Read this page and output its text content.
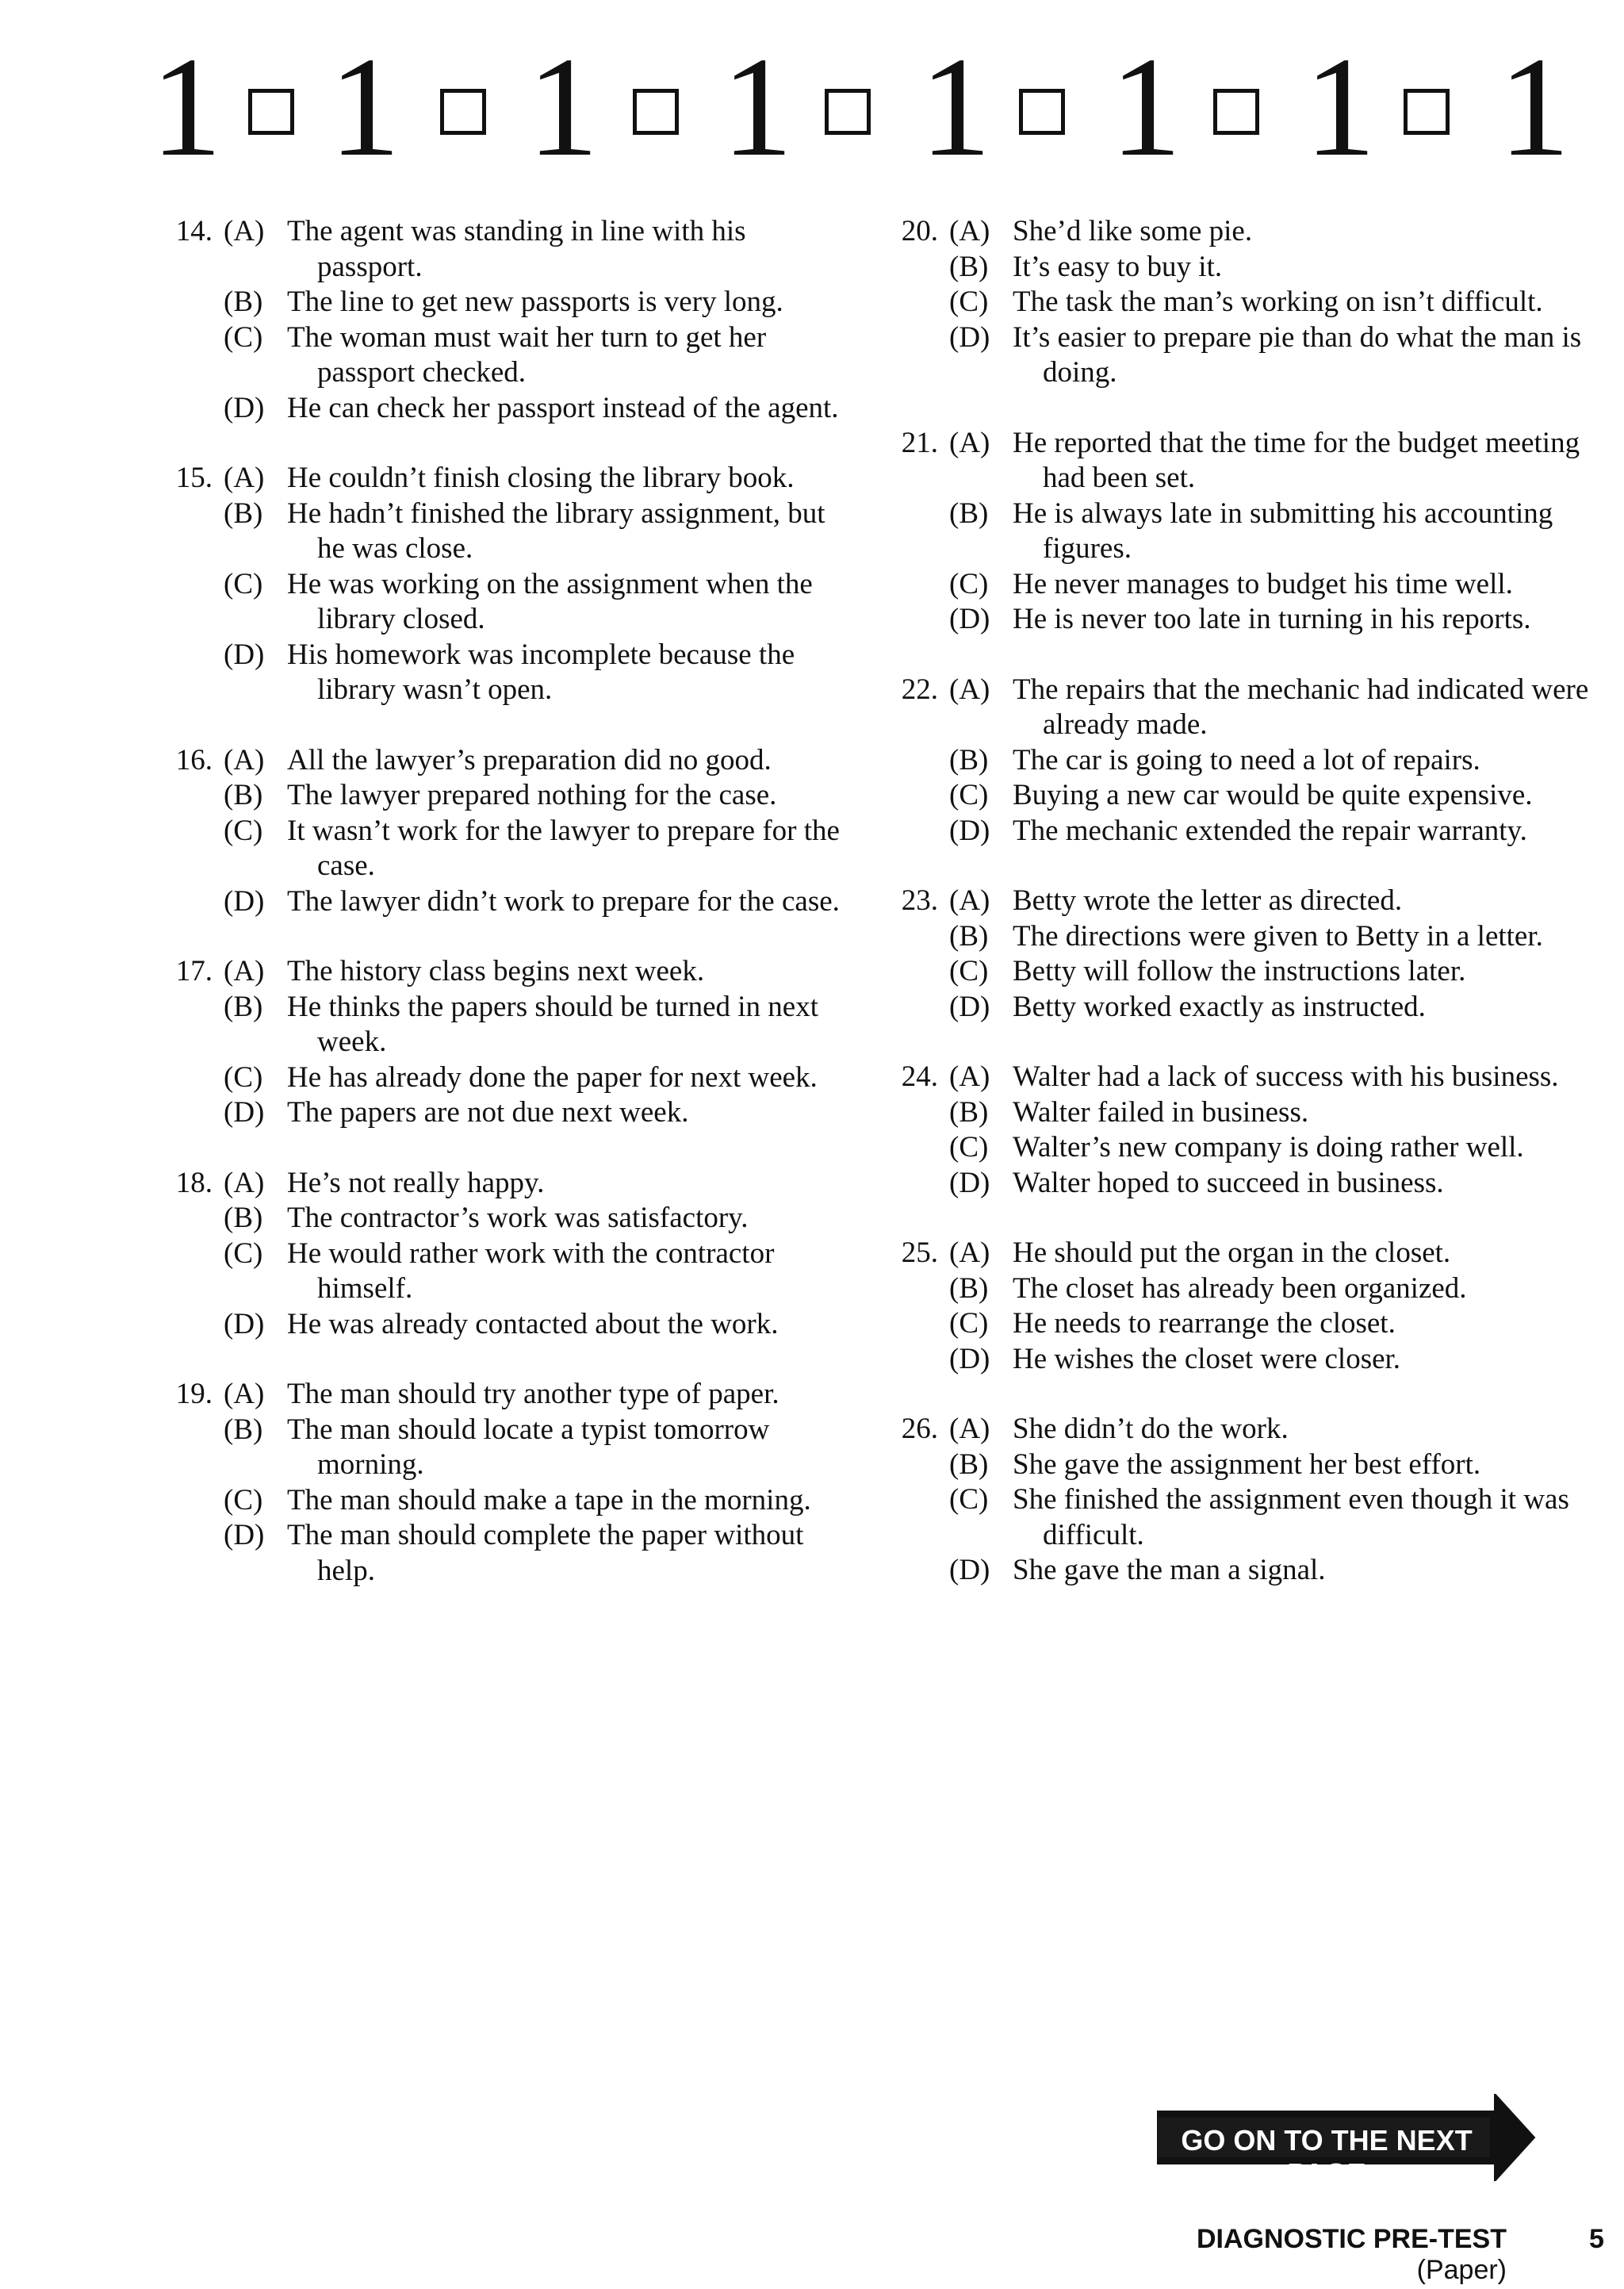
1 1 1 1 1 1 1 1
14. (A) The agent was standing in line with his passport.
(B) The line to get new passports is very long.
(C) The woman must wait her turn to get her passport checked.
(D) He can check her passport instead of the agent.
15. (A) He couldn’t finish closing the library book.
(B) He hadn’t finished the library assignment, but he was close.
(C) He was working on the assignment when the library closed.
(D) His homework was incomplete because the library wasn’t open.
16. (A) All the lawyer’s preparation did no good.
(B) The lawyer prepared nothing for the case.
(C) It wasn’t work for the lawyer to prepare for the case.
(D) The lawyer didn’t work to prepare for the case.
17. (A) The history class begins next week.
(B) He thinks the papers should be turned in next week.
(C) He has already done the paper for next week.
(D) The papers are not due next week.
18. (A) He’s not really happy.
(B) The contractor’s work was satisfactory.
(C) He would rather work with the contractor himself.
(D) He was already contacted about the work.
19. (A) The man should try another type of paper.
(B) The man should locate a typist tomorrow morning.
(C) The man should make a tape in the morning.
(D) The man should complete the paper without help.
20. (A) She’d like some pie.
(B) It’s easy to buy it.
(C) The task the man’s working on isn’t difficult.
(D) It’s easier to prepare pie than do what the man is doing.
21. (A) He reported that the time for the budget meeting had been set.
(B) He is always late in submitting his accounting figures.
(C) He never manages to budget his time well.
(D) He is never too late in turning in his reports.
22. (A) The repairs that the mechanic had indicated were already made.
(B) The car is going to need a lot of repairs.
(C) Buying a new car would be quite expensive.
(D) The mechanic extended the repair warranty.
23. (A) Betty wrote the letter as directed.
(B) The directions were given to Betty in a letter.
(C) Betty will follow the instructions later.
(D) Betty worked exactly as instructed.
24. (A) Walter had a lack of success with his business.
(B) Walter failed in business.
(C) Walter’s new company is doing rather well.
(D) Walter hoped to succeed in business.
25. (A) He should put the organ in the closet.
(B) The closet has already been organized.
(C) He needs to rearrange the closet.
(D) He wishes the closet were closer.
26. (A) She didn’t do the work.
(B) She gave the assignment her best effort.
(C) She finished the assignment even though it was difficult.
(D) She gave the man a signal.
GO ON TO THE NEXT PAGE
DIAGNOSTIC PRE-TEST (Paper)
5
